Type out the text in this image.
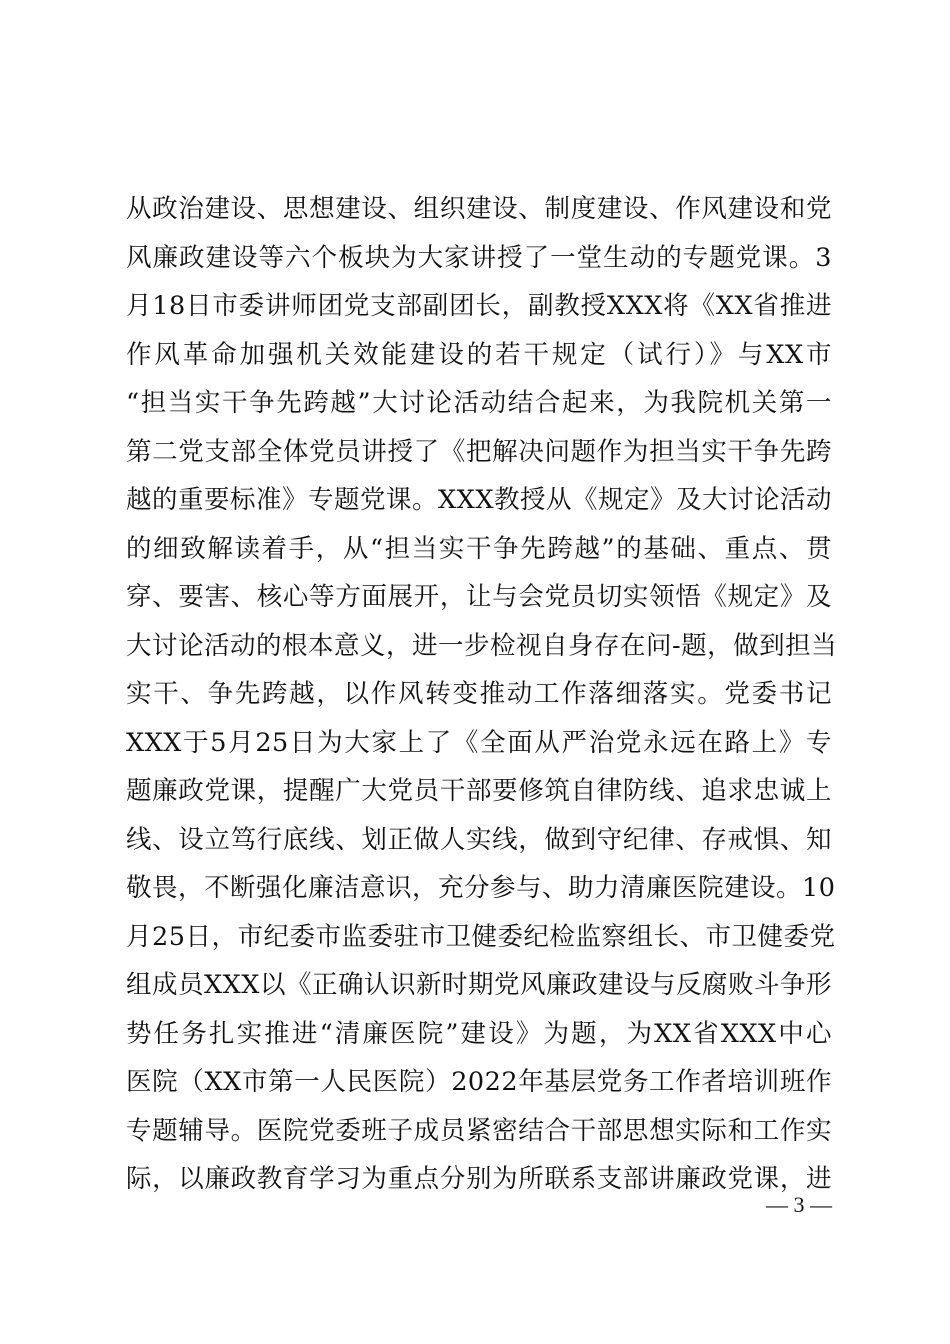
从政治建设、思想建设、组织建设、制度建设、作风建设和党
风廉政建设等六个板块为大家讲授了一堂生动的专题党课。3
月18日市委讲师团党支部副团长，副教授XXX将《XX省推进
作风革命加强机关效能建设的若干规定（试行）》与XX市
“担当实干争先跨越”大讨论活动结合起来，为我院机关第一
第二党支部全体党员讲授了《把解决问题作为担当实干争先跨
越的重要标准》专题党课。XXX教授从《规定》及大讨论活动
的细致解读着手，从“担当实干争先跨越”的基础、重点、贯
穿、要害、核心等方面展开，让与会党员切实领悟《规定》及
大讨论活动的根本意义，进一步检视自身存在问-题，做到担当
实干、争先跨越，以作风转变推动工作落细落实。党委书记
XXX于5月25日为大家上了《全面从严治党永远在路上》专
题廉政党课，提醒广大党员干部要修筑自律防线、追求忠诚上
线、设立笃行底线、划正做人实线，做到守纪律、存戒惧、知
敬畏，不断强化廉洁意识，充分参与、助力清廉医院建设。10
月25日，市纪委市监委驻市卫健委纪检监察组长、市卫健委党
组成员XXX以《正确认识新时期党风廉政建设与反腐败斗争形
势任务扎实推进“清廉医院”建设》为题，为XX省XXX中心
医院（XX市第一人民医院）2022年基层党务工作者培训班作
专题辅导。医院党委班子成员紧密结合干部思想实际和工作实
际，以廉政教育学习为重点分别为所联系支部讲廉政党课，进
— 3 —
